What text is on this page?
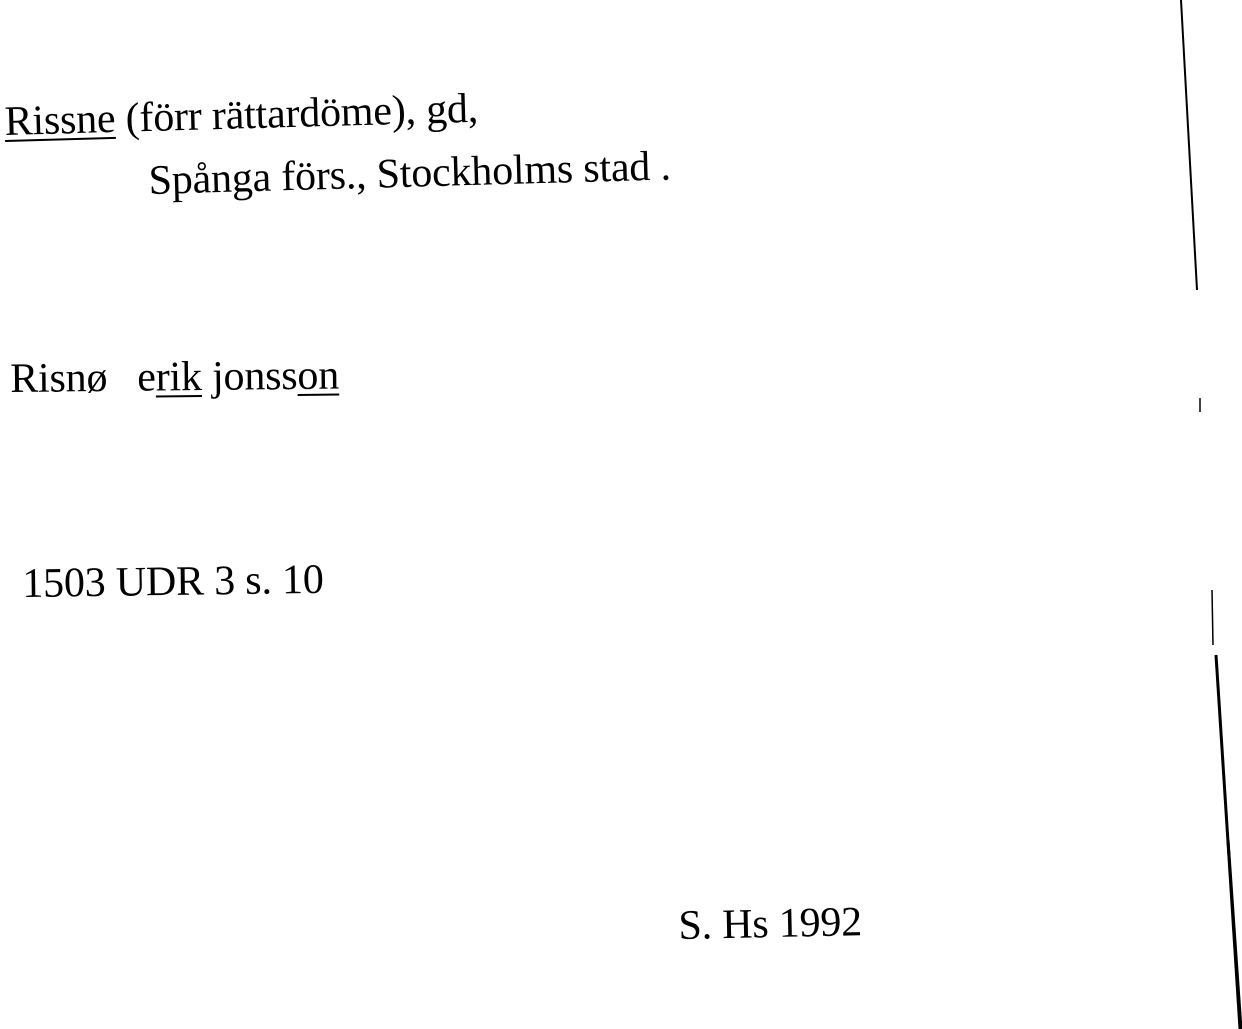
Rissne (förr rättardöme), gd,
Spånga förs., Stockholms stad .
Risnø erik jonsson
1503 UDR 3 s. 10
S. Hs 1992
